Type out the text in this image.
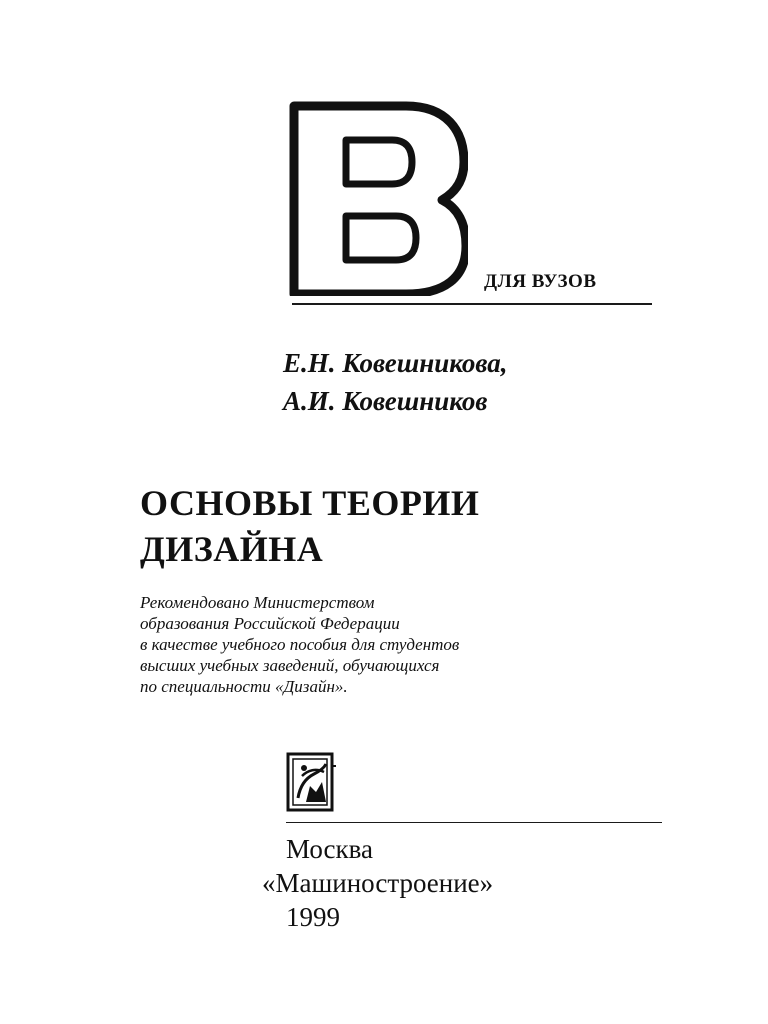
ДЛЯ ВУЗОВ
Е.Н. Ковешникова,
А.И. Ковешников
ОСНОВЫ ТЕОРИИ
ДИЗАЙНА
Рекомендовано Министерством
образования Российской Федерации
в качестве учебного пособия для студентов
высших учебных заведений, обучающихся
по специальности «Дизайн».
Москва
«Машиностроение»
1999
